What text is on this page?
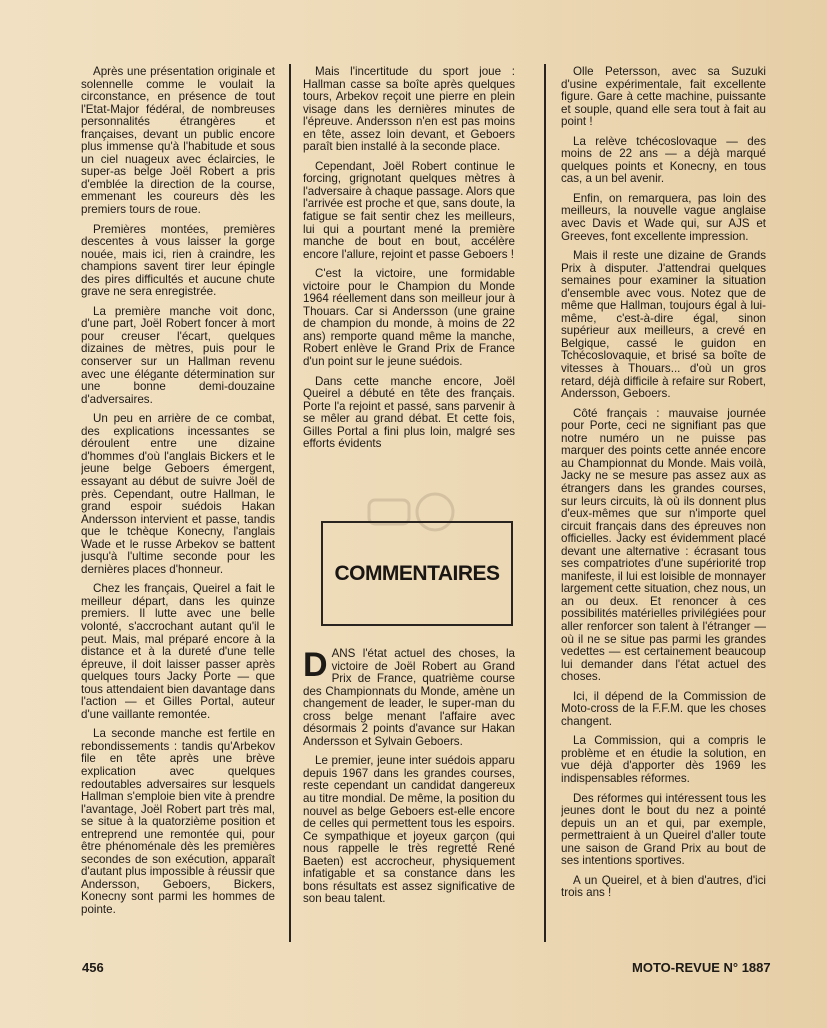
Après une présentation originale et solennelle comme le voulait la circonstance, en présence de tout l'Etat-Major fédéral, de nombreuses personnalités étrangères et françaises, devant un public encore plus immense qu'à l'habitude et sous un ciel nuageux avec éclaircies, le super-as belge Joël Robert a pris d'emblée la direction de la course, emmenant les coureurs dès les premiers tours de roue.

Premières montées, premières descentes à vous laisser la gorge nouée, mais ici, rien à craindre, les champions savent tirer leur épingle des pires difficultés et aucune chute grave ne sera enregistrée.

La première manche voit donc, d'une part, Joël Robert foncer à mort pour creuser l'écart, quelques dizaines de mètres, puis pour le conserver sur un Hallman revenu avec une élégante détermination sur une bonne demi-douzaine d'adversaires.

Un peu en arrière de ce combat, des explications incessantes se déroulent entre une dizaine d'hommes d'où l'anglais Bickers et le jeune belge Geboers émergent, essayant au début de suivre Joël de près. Cependant, outre Hallman, le grand espoir suédois Hakan Andersson intervient et passe, tandis que le tchèque Konecny, l'anglais Wade et le russe Arbekov se battent jusqu'à l'ultime seconde pour les dernières places d'honneur.

Chez les français, Queirel a fait le meilleur départ, dans les quinze premiers. Il lutte avec une belle volonté, s'accrochant autant qu'il le peut. Mais, mal préparé encore à la distance et à la dureté d'une telle épreuve, il doit laisser passer après quelques tours Jacky Porte — que tous attendaient bien davantage dans l'action — et Gilles Portal, auteur d'une vaillante remontée.

La seconde manche est fertile en rebondissements : tandis qu'Arbekov file en tête après une brève explication avec quelques redoutables adversaires sur lesquels Hallman s'emploie bien vite à prendre l'avantage, Joël Robert part très mal, se situe à la quatorzième position et entreprend une remontée qui, pour être phénoménale dès les premières secondes de son exécution, apparaît d'autant plus impossible à réussir que Andersson, Geboers, Bickers, Konecny sont parmi les hommes de pointe.

Mais l'incertitude du sport joue : Hallman casse sa boîte après quelques tours, Arbekov reçoit une pierre en plein visage dans les dernières minutes de l'épreuve. Andersson n'en est pas moins en tête, assez loin devant, et Geboers paraît bien installé à la seconde place.

Cependant, Joël Robert continue le forcing, grignotant quelques mètres à l'adversaire à chaque passage. Alors que l'arrivée est proche et que, sans doute, la fatigue se fait sentir chez les meilleurs, lui qui a pourtant mené la première manche de bout en bout, accélère encore l'allure, rejoint et passe Geboers !

C'est la victoire, une formidable victoire pour le Champion du Monde 1964 réellement dans son meilleur jour à Thouars. Car si Andersson (une graine de champion du monde, à moins de 22 ans) remporte quand même la manche, Robert enlève le Grand Prix de France d'un point sur le jeune suédois.

Dans cette manche encore, Joël Queirel a débuté en tête des français. Porte l'a rejoint et passé, sans parvenir à se mêler au grand débat. Et cette fois, Gilles Portal a fini plus loin, malgré ses efforts évidents

COMMENTAIRES

DANS l'état actuel des choses, la victoire de Joël Robert au Grand Prix de France, quatrième course des Championnats du Monde, amène un changement de leader, le super-man du cross belge menant l'affaire avec désormais 2 points d'avance sur Hakan Andersson et Sylvain Geboers.

Le premier, jeune inter suédois apparu depuis 1967 dans les grandes courses, reste cependant un candidat dangereux au titre mondial. De même, la position du nouvel as belge Geboers est-elle encore de celles qui permettent tous les espoirs. Ce sympathique et joyeux garçon (qui nous rappelle le très regretté René Baeten) est accrocheur, physiquement infatigable et sa constance dans les bons résultats est assez significative de son beau talent.

Olle Petersson, avec sa Suzuki d'usine expérimentale, fait excellente figure. Gare à cette machine, puissante et souple, quand elle sera tout à fait au point !

La relève tchécoslovaque — des moins de 22 ans — a déjà marqué quelques points et Konecny, en tous cas, a un bel avenir.

Enfin, on remarquera, pas loin des meilleurs, la nouvelle vague anglaise avec Davis et Wade qui, sur AJS et Greeves, font excellente impression.

Mais il reste une dizaine de Grands Prix à disputer. J'attendrai quelques semaines pour examiner la situation d'ensemble avec vous. Notez que de même que Hallman, toujours égal à lui-même, c'est-à-dire égal, sinon supérieur aux meilleurs, a crevé en Belgique, cassé le guidon en Tchécoslovaquie, et brisé sa boîte de vitesses à Thouars... d'où un gros retard, déjà difficile à refaire sur Robert, Andersson, Geboers.

Côté français : mauvaise journée pour Porte, ceci ne signifiant pas que notre numéro un ne puisse pas marquer des points cette année encore au Championnat du Monde. Mais voilà, Jacky ne se mesure pas assez aux as étrangers dans les grandes courses, sur leurs circuits, là où ils donnent plus d'eux-mêmes que sur n'importe quel circuit français dans des épreuves non officielles. Jacky est évidemment placé devant une alternative : écrasant tous ses compatriotes d'une supériorité trop manifeste, il lui est loisible de monnayer largement cette situation, chez nous, un an ou deux. Et renoncer à ces possibilités matérielles privilégiées pour aller renforcer son talent à l'étranger — où il ne se situe pas parmi les grandes vedettes — est certainement beaucoup lui demander dans l'état actuel des choses.

Ici, il dépend de la Commission de Moto-cross de la F.F.M. que les choses changent.

La Commission, qui a compris le problème et en étudie la solution, en vue déjà d'apporter dès 1969 les indispensables réformes.

Des réformes qui intéressent tous les jeunes dont le bout du nez a pointé depuis un an et qui, par exemple, permettraient à un Queirel d'aller toute une saison de Grand Prix au bout de ses intentions sportives.

A un Queirel, et à bien d'autres, d'ici trois ans !

456	MOTO-REVUE N° 1887
